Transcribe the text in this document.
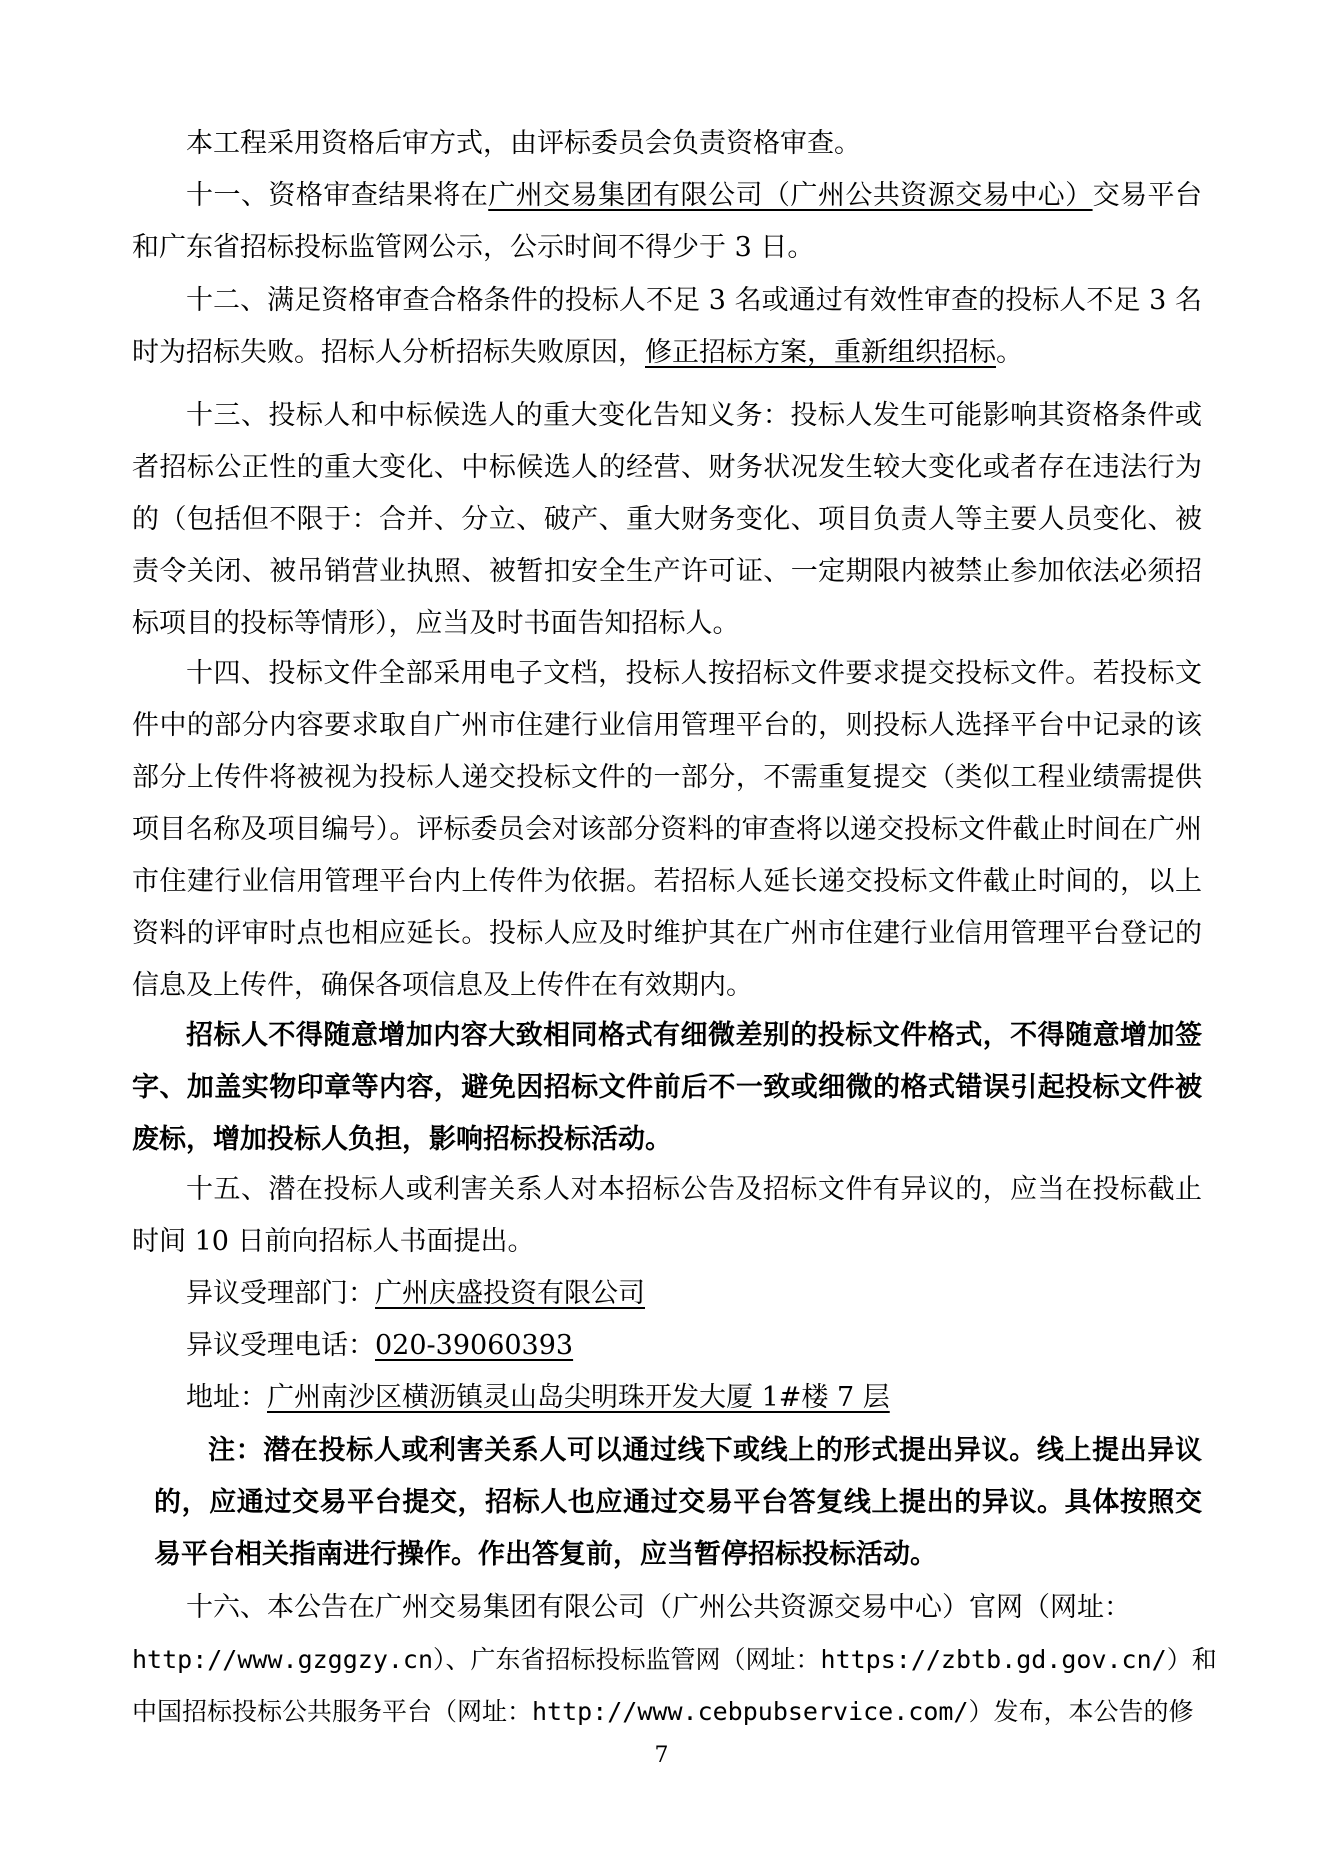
本工程采用资格后审方式，由评标委员会负责资格审查。

十一、资格审查结果将在广州交易集团有限公司（广州公共资源交易中心）交易平台和广东省招标投标监管网公示，公示时间不得少于 3 日。

十二、满足资格审查合格条件的投标人不足 3 名或通过有效性审查的投标人不足 3 名时为招标失败。招标人分析招标失败原因，修正招标方案，重新组织招标。

十三、投标人和中标候选人的重大变化告知义务：投标人发生可能影响其资格条件或者招标公正性的重大变化、中标候选人的经营、财务状况发生较大变化或者存在违法行为的（包括但不限于：合并、分立、破产、重大财务变化、项目负责人等主要人员变化、被责令关闭、被吊销营业执照、被暂扣安全生产许可证、一定期限内被禁止参加依法必须招标项目的投标等情形），应当及时书面告知招标人。

十四、投标文件全部采用电子文档，投标人按招标文件要求提交投标文件。若投标文件中的部分内容要求取自广州市住建行业信用管理平台的，则投标人选择平台中记录的该部分上传件将被视为投标人递交投标文件的一部分，不需重复提交（类似工程业绩需提供项目名称及项目编号）。评标委员会对该部分资料的审查将以递交投标文件截止时间在广州市住建行业信用管理平台内上传件为依据。若招标人延长递交投标文件截止时间的，以上资料的评审时点也相应延长。投标人应及时维护其在广州市住建行业信用管理平台登记的信息及上传件，确保各项信息及上传件在有效期内。

招标人不得随意增加内容大致相同格式有细微差别的投标文件格式，不得随意增加签字、加盖实物印章等内容，避免因招标文件前后不一致或细微的格式错误引起投标文件被废标，增加投标人负担，影响招标投标活动。

十五、潜在投标人或利害关系人对本招标公告及招标文件有异议的，应当在投标截止时间 10 日前向招标人书面提出。

异议受理部门：广州庆盛投资有限公司

异议受理电话：020-39060393

地址：广州南沙区横沥镇灵山岛尖明珠开发大厦 1#楼 7 层

注：潜在投标人或利害关系人可以通过线下或线上的形式提出异议。线上提出异议的，应通过交易平台提交，招标人也应通过交易平台答复线上提出的异议。具体按照交易平台相关指南进行操作。作出答复前，应当暂停招标投标活动。

十六、本公告在广州交易集团有限公司（广州公共资源交易中心）官网（网址：

http://www.gzggzy.cn）、广东省招标投标监管网（网址：https://zbtb.gd.gov.cn/）和

中国招标投标公共服务平台（网址：http://www.cebpubservice.com/）发布，本公告的修

7
